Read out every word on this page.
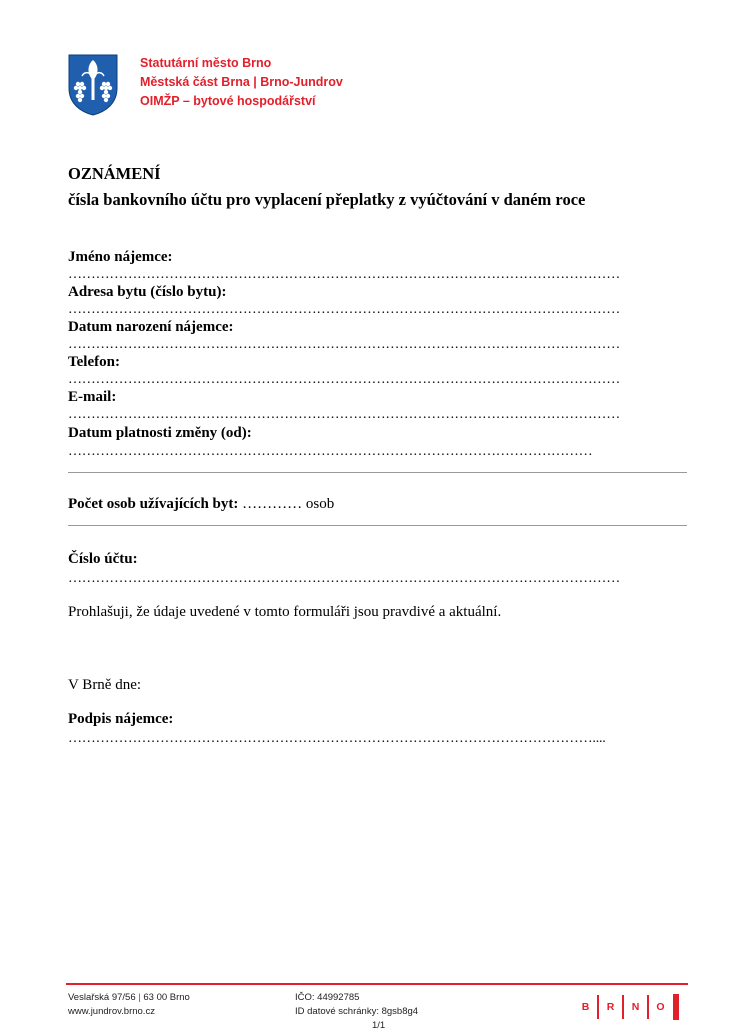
Statutární město Brno
Městská část Brna | Brno-Jundrov
OIMŽP – bytové hospodářství
OZNÁMENÍ
čísla bankovního účtu pro vyplacení přeplatky z vyúčtování v daném roce
Jméno nájemce:
…………………………………………………………………………………………………………
Adresa bytu (číslo bytu):
…………………………………………………………………………………………………………
Datum narození nájemce:
…………………………………………………………………………………………………………
Telefon:
…………………………………………………………………………………………………………
E-mail:
…………………………………………………………………………………………………………
Datum platnosti změny (od):
……………………………………………………………………………………………………
Počet osob užívajících byt: ………… osob
Číslo účtu:
…………………………………………………………………………………………………………
Prohlašuji, že údaje uvedené v tomto formuláři jsou pravdivé a aktuální.
V Brně dne:
Podpis nájemce:
……………………………………………………………………………………………………....
Veslařská 97/56 | 63 00 Brno
www.jundrov.brno.cz
IČO: 44992785
ID datové schránky: 8gsb8g4
1/1
B	R	N	O
